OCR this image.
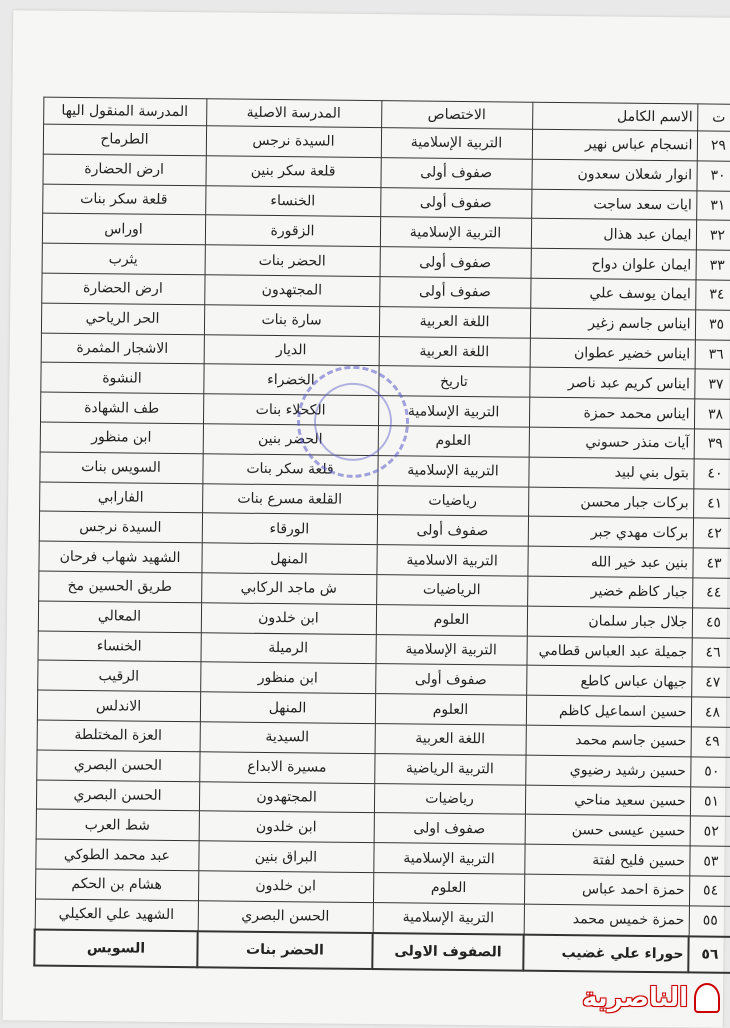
ت	الاسم الكامل	الاختصاص	المدرسة الاصلية	المدرسة المنقول اليها
٢٩	انسجام عباس نهير	التربية الإسلامية	السيدة نرجس	الطرماح
٣٠	انوار شعلان سعدون	صفوف أولى	قلعة سكر بنين	ارض الحضارة
٣١	ايات سعد ساجت	صفوف أولى	الخنساء	قلعة سكر بنات
٣٢	ايمان عبد هذال	التربية الإسلامية	الزقورة	اوراس
٣٣	ايمان علوان دواح	صفوف أولى	الحضر بنات	يثرب
٣٤	ايمان يوسف علي	صفوف أولى	المجتهدون	ارض الحضارة
٣٥	ايناس جاسم زغير	اللغة العربية	سارة بنات	الحر الرياحي
٣٦	ايناس خضير عطوان	اللغة العربية	الديار	الاشجار المثمرة
٣٧	ايناس كريم عبد ناصر	تاريخ	الخضراء	النشوة
٣٨	ايناس محمد حمزة	التربية الإسلامية	الكحلاء بنات	طف الشهادة
٣٩	آيات منذر حسوني	العلوم	الحضر بنين	ابن منظور
٤٠	بتول بني لبيد	التربية الإسلامية	قلعة سكر بنات	السويس بنات
٤١	بركات جبار محسن	رياضيات	القلعة مسرع بنات	الفارابي
٤٢	بركات مهدي جبر	صفوف أولى	الورقاء	السيدة نرجس
٤٣	بنين عبد خير الله	التربية الاسلامية	المنهل	الشهيد شهاب فرحان
٤٤	جبار كاظم خضير	الرياضيات	ش ماجد الركابي	طريق الحسين مخ
٤٥	جلال جبار سلمان	العلوم	ابن خلدون	المعالي
٤٦	جميلة عبد العباس قطامي	التربية الإسلامية	الرميلة	الخنساء
٤٧	جيهان عباس كاطع	صفوف أولى	ابن منظور	الرقيب
٤٨	حسين اسماعيل كاظم	العلوم	المنهل	الاندلس
٤٩	حسين جاسم محمد	اللغة العربية	السيدية	العزة المختلطة
٥٠	حسين رشيد رضيوي	التربية الرياضية	مسيرة الابداع	الحسن البصري
٥١	حسين سعيد مناحي	رياضيات	المجتهدون	الحسن البصري
٥٢	حسين عيسى حسن	صفوف اولى	ابن خلدون	شط العرب
٥٣	حسين فليح لفتة	التربية الإسلامية	البراق بنين	عبد محمد الطوكي
٥٤	حمزة احمد عباس	العلوم	ابن خلدون	هشام بن الحكم
٥٥	حمزة خميس محمد	التربية الإسلامية	الحسن البصري	الشهيد علي العكيلي
٥٦	حوراء علي غضيب	الصفوف الاولى	الحضر بنات	السويس
الناصرية
